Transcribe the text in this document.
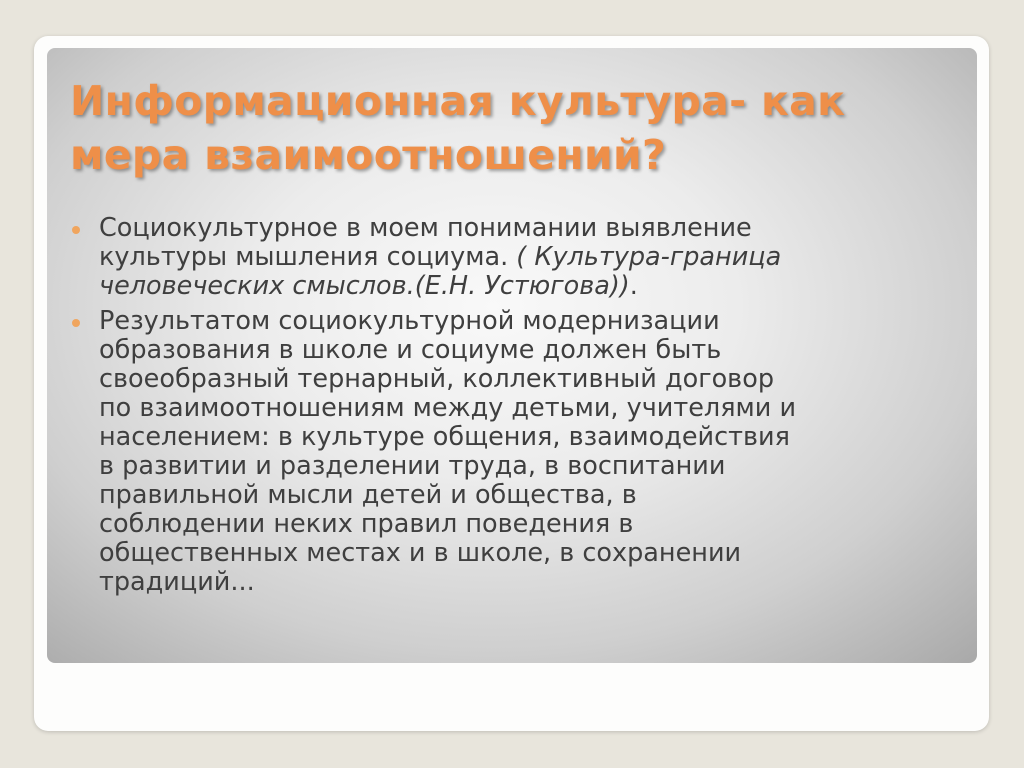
Информационная культура- как
мера взаимоотношений?
Социокультурное в моем понимании выявление
культуры мышления социума. ( Культура-граница
человеческих смыслов.(Е.Н. Устюгова)).
Результатом социокультурной модернизации
образования в школе и социуме должен быть
своеобразный тернарный, коллективный договор
по взаимоотношениям между детьми, учителями и
населением: в культуре общения, взаимодействия
в развитии и разделении труда, в воспитании
правильной мысли детей и общества, в
соблюдении неких правил поведения в
общественных местах и в школе, в сохранении
традиций...
